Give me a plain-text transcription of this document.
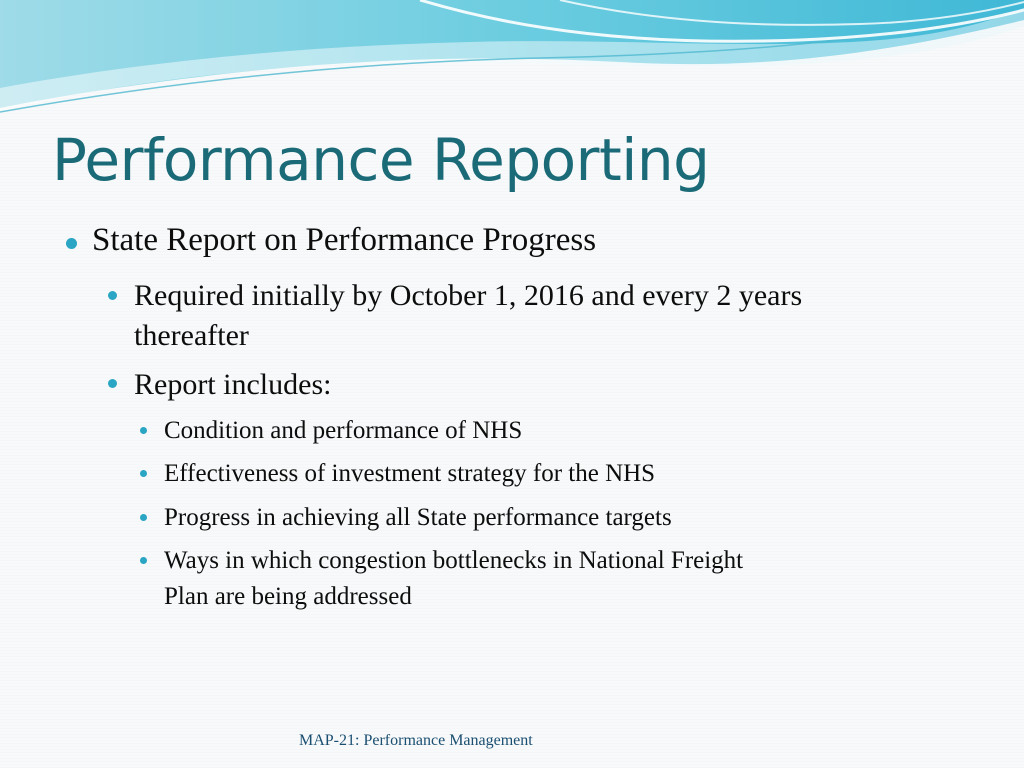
Performance Reporting
State Report on Performance Progress
Required initially by October 1, 2016 and every 2 years
thereafter
Report includes:
Condition and performance of NHS
Effectiveness of investment strategy for the NHS
Progress in achieving all State performance targets
Ways in which congestion bottlenecks in National Freight
Plan are being addressed
MAP-21: Performance Management
